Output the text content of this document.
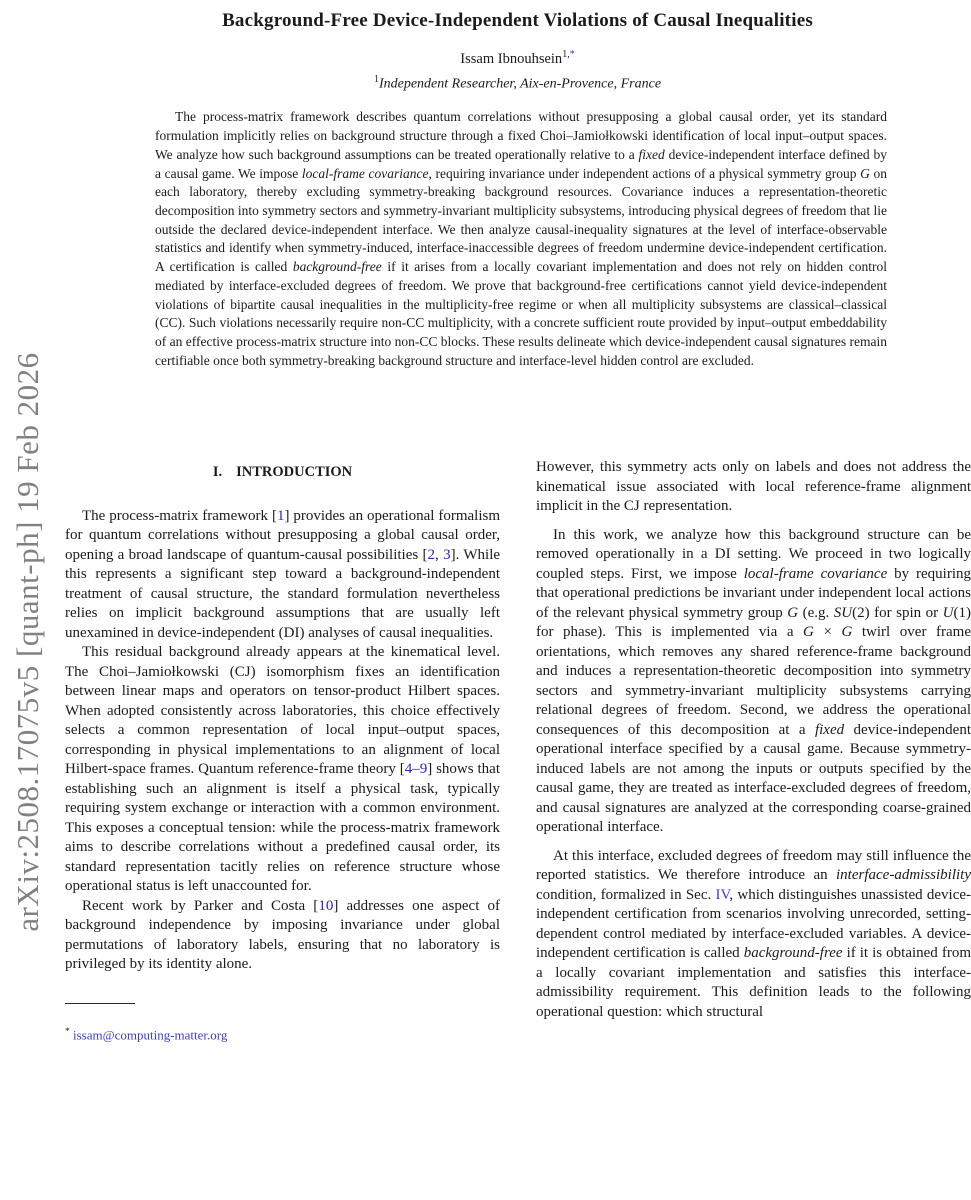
arXiv:2508.17075v5 [quant-ph] 19 Feb 2026
Background-Free Device-Independent Violations of Causal Inequalities
Issam Ibnouhsein$^{1,*}$
$^1$Independent Researcher, Aix-en-Provence, France
The process-matrix framework describes quantum correlations without presupposing a global causal order, yet its standard formulation implicitly relies on background structure through a fixed Choi–Jamiołkowski identification of local input–output spaces. We analyze how such background assumptions can be treated operationally relative to a fixed device-independent interface defined by a causal game. We impose local-frame covariance, requiring invariance under independent actions of a physical symmetry group G on each laboratory, thereby excluding symmetry-breaking background resources. Covariance induces a representation-theoretic decomposition into symmetry sectors and symmetry-invariant multiplicity subsystems, introducing physical degrees of freedom that lie outside the declared device-independent interface. We then analyze causal-inequality signatures at the level of interface-observable statistics and identify when symmetry-induced, interface-inaccessible degrees of freedom undermine device-independent certification. A certification is called background-free if it arises from a locally covariant implementation and does not rely on hidden control mediated by interface-excluded degrees of freedom. We prove that background-free certifications cannot yield device-independent violations of bipartite causal inequalities in the multiplicity-free regime or when all multiplicity subsystems are classical–classical (CC). Such violations necessarily require non-CC multiplicity, with a concrete sufficient route provided by input–output embeddability of an effective process-matrix structure into non-CC blocks. These results delineate which device-independent causal signatures remain certifiable once both symmetry-breaking background structure and interface-level hidden control are excluded.
I. INTRODUCTION

The process-matrix framework [1] provides an operational formalism for quantum correlations without presupposing a global causal order, opening a broad landscape of quantum-causal possibilities [2, 3]. While this represents a significant step toward a background-independent treatment of causal structure, the standard formulation nevertheless relies on implicit background assumptions that are usually left unexamined in device-independent (DI) analyses of causal inequalities.

This residual background already appears at the kinematical level. The Choi–Jamiołkowski (CJ) isomorphism fixes an identification between linear maps and operators on tensor-product Hilbert spaces. When adopted consistently across laboratories, this choice effectively selects a common representation of local input–output spaces, corresponding in physical implementations to an alignment of local Hilbert-space frames. Quantum reference-frame theory [4–9] shows that establishing such an alignment is itself a physical task, typically requiring system exchange or interaction with a common environment. This exposes a conceptual tension: while the process-matrix framework aims to describe correlations without a predefined causal order, its standard representation tacitly relies on reference structure whose operational status is left unaccounted for.

Recent work by Parker and Costa [10] addresses one aspect of background independence by imposing invariance under global permutations of laboratory labels, ensuring that no laboratory is privileged by its identity alone.

* issam@computing-matter.org

However, this symmetry acts only on labels and does not address the kinematical issue associated with local reference-frame alignment implicit in the CJ representation.

In this work, we analyze how this background structure can be removed operationally in a DI setting. We proceed in two logically coupled steps. First, we impose local-frame covariance by requiring that operational predictions be invariant under independent local actions of the relevant physical symmetry group G (e.g. SU(2) for spin or U(1) for phase). This is implemented via a G × G twirl over frame orientations, which removes any shared reference-frame background and induces a representation-theoretic decomposition into symmetry sectors and symmetry-invariant multiplicity subsystems carrying relational degrees of freedom. Second, we address the operational consequences of this decomposition at a fixed device-independent operational interface specified by a causal game. Because symmetry-induced labels are not among the inputs or outputs specified by the causal game, they are treated as interface-excluded degrees of freedom, and causal signatures are analyzed at the corresponding coarse-grained operational interface.

At this interface, excluded degrees of freedom may still influence the reported statistics. We therefore introduce an interface-admissibility condition, formalized in Sec. IV, which distinguishes unassisted device-independent certification from scenarios involving unrecorded, setting-dependent control mediated by interface-excluded variables. A device-independent certification is called background-free if it is obtained from a locally covariant implementation and satisfies this interface-admissibility requirement. This definition leads to the following operational question: which structural
